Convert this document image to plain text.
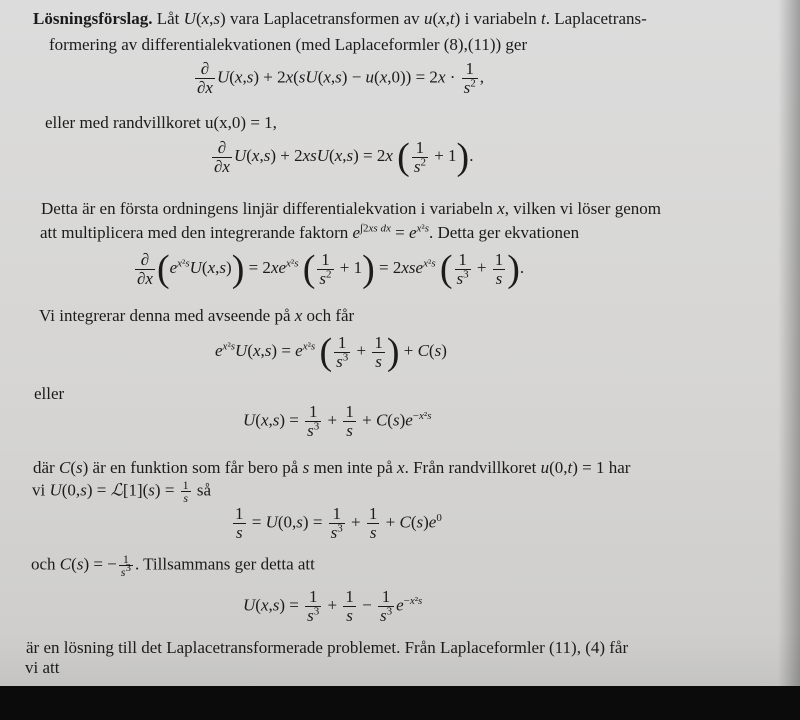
Lösningsförslag. Låt U(x,s) vara Laplacetransformen av u(x,t) i variabeln t. Laplacetrans-
formering av differentialekvationen (med Laplaceformler (8),(11)) ger
$\frac{\partial}{\partial x} U(x,s) + 2x(sU(x,s) - u(x,0)) = 2x \cdot \frac{1}{s^2}$ ,
eller med randvillkoret u(x,0) = 1,
$\frac{\partial}{\partial x} U(x,s) + 2xsU(x,s) = 2x$ ( $\frac{1}{s^2} + 1$).
Detta är en första ordningens linjär differentialekvation i variabeln x, vilken vi löser genom
att multiplicera med den integrerande faktorn $e^{\int 2xs dx} = e^{x^2s}$. Detta ger ekvationen
$\frac{\partial}{\partial x} (e^{x^2s}U(x,s)) = 2xe^{x^2s}$ ( $\frac{1}{s^2} + 1) = 2xse^{x^2s}$ ( $\frac{1}{s^3} + \frac{1}{s}$ ).
Vi integrerar denna med avseende på x och får
$e^{x^2s}U(x,s) = e^{x^2s}$ ( $\frac{1}{s^3} + \frac{1}{s}$ ) + C(s)
eller
$U(x,s) = \frac{1}{s^3} + \frac{1}{s} + C(s)e^{-x^2s}$
där C(s) är en funktion som får bero på s men inte på x. Från randvillkoret u(0,t) = 1 har
vi U(0,s) = ℒ[1](s) = $\frac{1}{s}$ så
$\frac{1}{s} = U(0,s) = \frac{1}{s^3} + \frac{1}{s} + C(s)e^0$
och C(s) = − $\frac{1}{s^3}$ . Tillsammans ger detta att
$U(x,s) = \frac{1}{s^3} + \frac{1}{s} - \frac{1}{s^3} e^{-x^2s}$
är en lösning till det Laplacetransformerade problemet. Från Laplaceformler (11), (4) får
vi att
